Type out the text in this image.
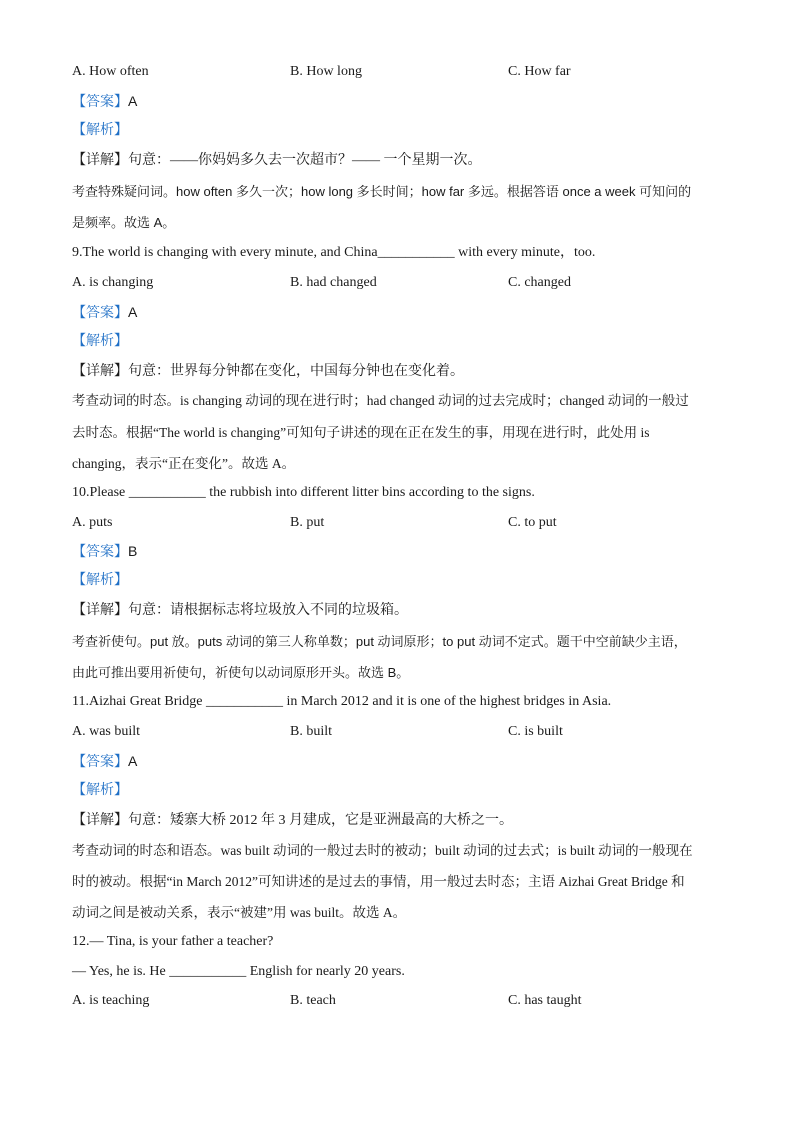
A. How often	B. How long	C. How far
【答案】A
【解析】
【详解】句意：——你妈妈多久去一次超市？—— 一个星期一次。
考查特殊疑问词。how often 多久一次；how long 多长时间；how far 多远。根据答语 once a week 可知问的
是频率。故选 A。
9.The world is changing with every minute, and China___________ with every minute，too.
A. is changing	B. had changed	C. changed
【答案】A
【解析】
【详解】句意：世界每分钟都在变化，中国每分钟也在变化着。
考查动词的时态。is changing 动词的现在进行时；had changed 动词的过去完成时；changed 动词的一般过
去时态。根据“The world is changing”可知句子讲述的现在正在发生的事，用现在进行时，此处用 is
changing，表示“正在变化”。故选 A。
10.Please ___________ the rubbish into different litter bins according to the signs.
A. puts	B. put	C. to put
【答案】B
【解析】
【详解】句意：请根据标志将垃圾放入不同的垃圾箱。
考查祈使句。put 放。puts 动词的第三人称单数；put 动词原形；to put 动词不定式。题干中空前缺少主语，
由此可推出要用祈使句，祈使句以动词原形开头。故选 B。
11.Aizhai Great Bridge ___________ in March 2012 and it is one of the highest bridges in Asia.
A. was built	B. built	C. is built
【答案】A
【解析】
【详解】句意：矮寨大桥 2012 年 3 月建成，它是亚洲最高的大桥之一。
考查动词的时态和语态。was built 动词的一般过去时的被动；built 动词的过去式；is built 动词的一般现在
时的被动。根据“in March 2012”可知讲述的是过去的事情，用一般过去时态；主语 Aizhai Great Bridge 和
动词之间是被动关系，表示“被建”用 was built。故选 A。
12.— Tina, is your father a teacher?
— Yes, he is. He ___________ English for nearly 20 years.
A. is teaching	B. teach	C. has taught
